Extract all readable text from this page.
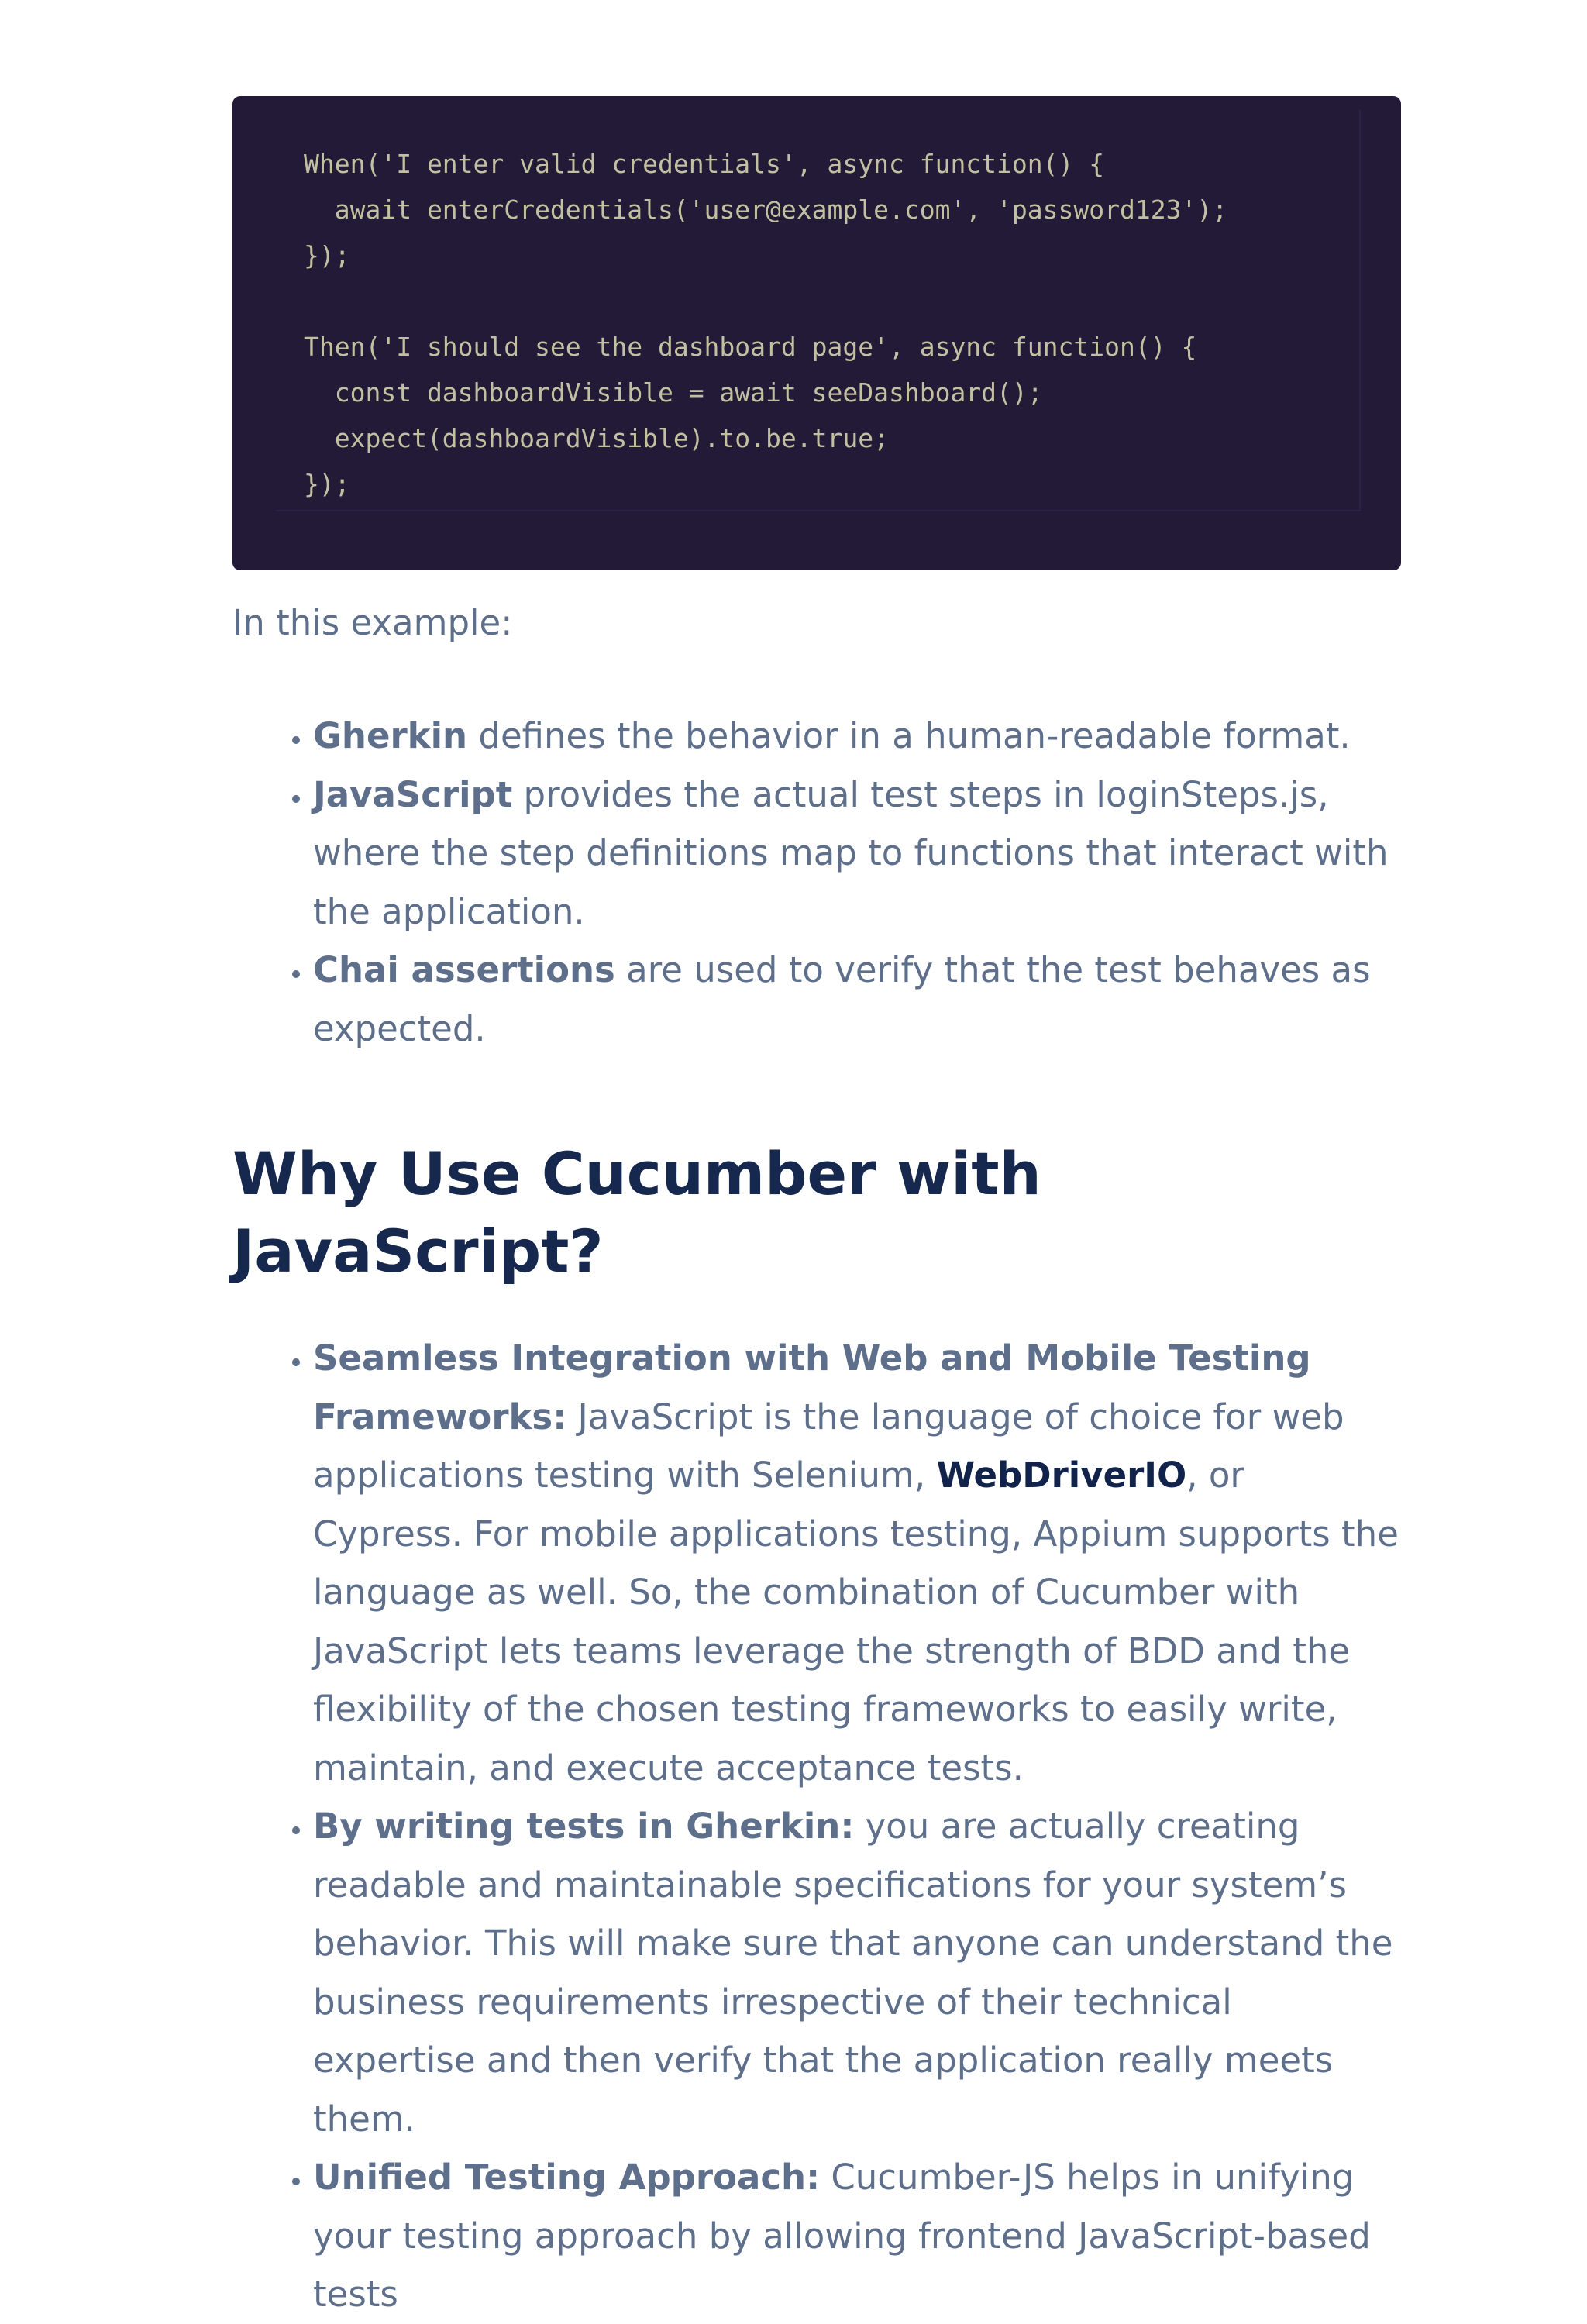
When('I enter valid credentials', async function() {
await enterCredentials('user@example.com', 'password123');
});
Then('I should see the dashboard page', async function() {
const dashboardVisible = await seeDashboard();
expect(dashboardVisible).to.be.true;
});

In this example:

• Gherkin defines the behavior in a human-readable format.
• JavaScript provides the actual test steps in loginSteps.js, where the step definitions map to functions that interact with the application.
• Chai assertions are used to verify that the test behaves as expected.
Why Use Cucumber with JavaScript?
• Seamless Integration with Web and Mobile Testing Frameworks: JavaScript is the language of choice for web applications testing with Selenium, WebDriverIO, or Cypress. For mobile applications testing, Appium supports the language as well. So, the combination of Cucumber with JavaScript lets teams leverage the strength of BDD and the flexibility of the chosen testing frameworks to easily write, maintain, and execute acceptance tests.
• By writing tests in Gherkin: you are actually creating readable and maintainable specifications for your system’s behavior. This will make sure that anyone can understand the business requirements irrespective of their technical expertise and then verify that the application really meets them.
• Unified Testing Approach: Cucumber-JS helps in unifying your testing approach by allowing frontend JavaScript-based tests
